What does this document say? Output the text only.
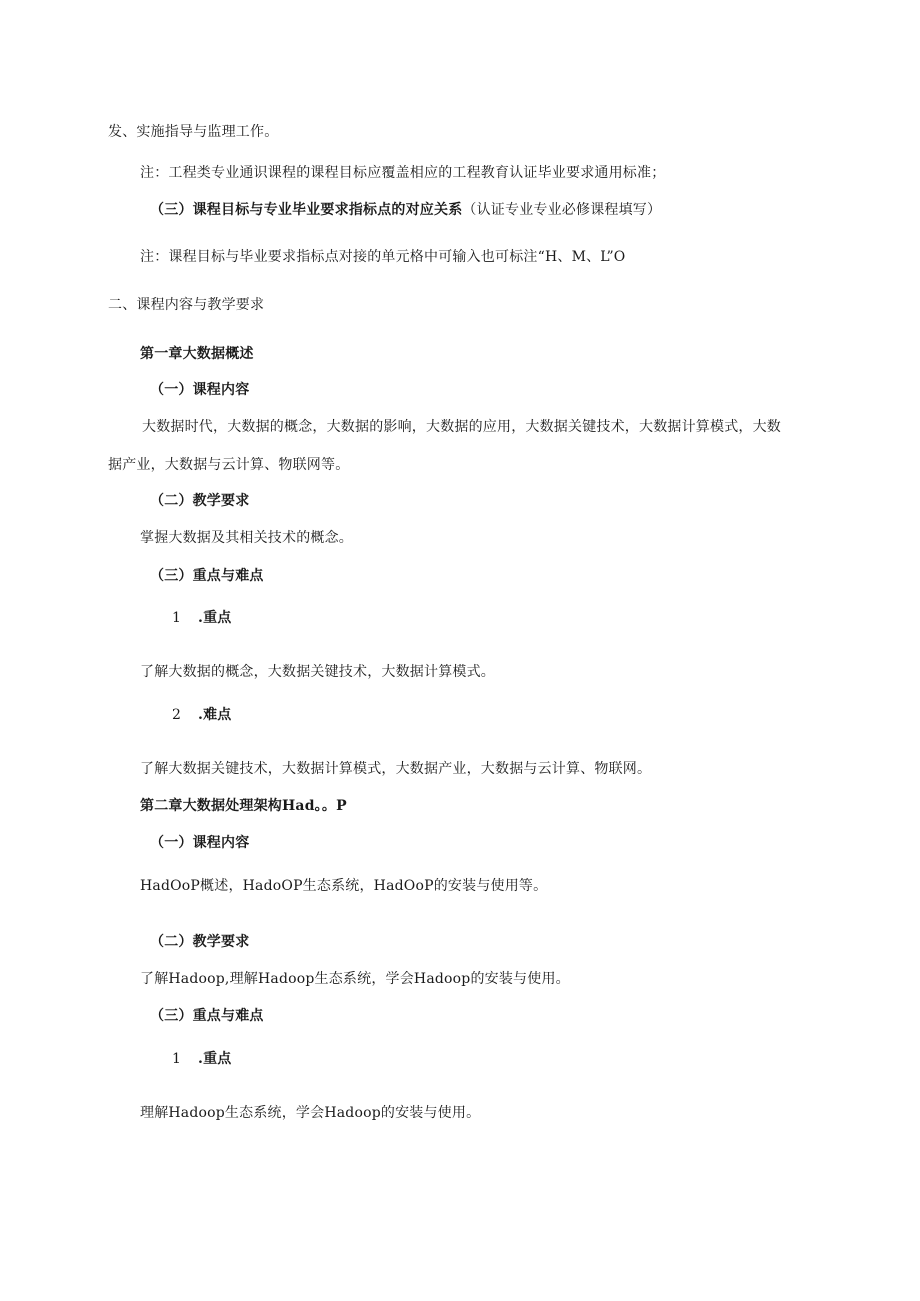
发、实施指导与监理工作。
注：工程类专业通识课程的课程目标应覆盖相应的工程教育认证毕业要求通用标准；
（三）课程目标与专业毕业要求指标点的对应关系（认证专业专业必修课程填写）
注：课程目标与毕业要求指标点对接的单元格中可输入也可标注“H、M、L”O
二、课程内容与教学要求
第一章大数据概述
（一）课程内容
大数据时代，大数据的概念，大数据的影响，大数据的应用，大数据关键技术，大数据计算模式，大数
据产业，大数据与云计算、物联网等。
（二）教学要求
掌握大数据及其相关技术的概念。
（三）重点与难点
1 .重点
了解大数据的概念，大数据关键技术，大数据计算模式。
2 .难点
了解大数据关键技术，大数据计算模式，大数据产业，大数据与云计算、物联网。
第二章大数据处理架构Had。。P
（一）课程内容
HadOoP概述，HadoOP生态系统，HadOoP的安装与使用等。
（二）教学要求
了解Hadoop,理解Hadoop生态系统，学会Hadoop的安装与使用。
（三）重点与难点
1 .重点
理解Hadoop生态系统，学会Hadoop的安装与使用。
